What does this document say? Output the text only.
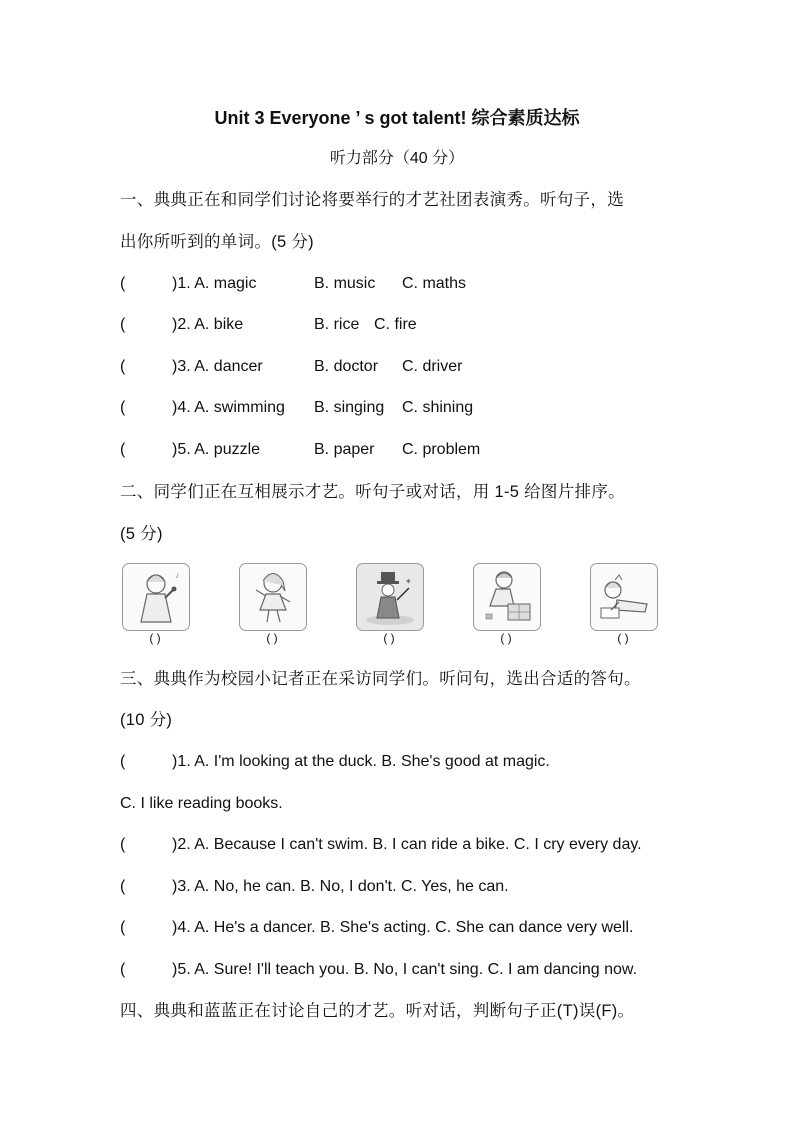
Unit 3 Everyone ’ s got talent! 综合素质达标
听力部分（40 分）
一、典典正在和同学们讨论将要举行的才艺社团表演秀。听句子，选
出你所听到的单词。(5 分)
(	)1. A. magic	B. music C. maths
(	)2. A. bike	B. rice C. fire
(	)3. A. dancer	B. doctor C. driver
(	)4. A. swimming B. singing C. shining
(	)5. A. puzzle	B. paper C. problem
二、同学们正在互相展示才艺。听句子或对话，用 1-5 给图片排序。
(5 分)
♪
( )	( )
✦
( )	( )	( )
三、典典作为校园小记者正在采访同学们。听问句，选出合适的答句。
(10 分)
(	)1. A. I'm looking at the duck. B. She's good at magic.
C. I like reading books.
(	)2. A. Because I can't swim. B. I can ride a bike. C. I cry every day.
(	)3. A. No, he can. B. No, I don't. C. Yes, he can.
(	)4. A. He's a dancer. B. She's acting. C. She can dance very well.
(	)5. A. Sure! I'll teach you. B. No, I can't sing. C. I am dancing now.
四、典典和蓝蓝正在讨论自己的才艺。听对话，判断句子正(T)误(F)。
